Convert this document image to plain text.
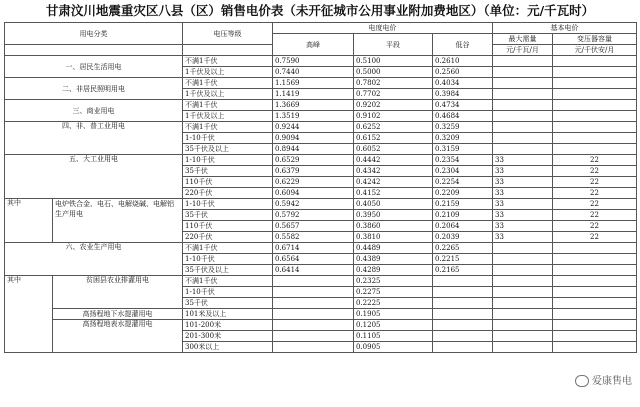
甘肃汶川地震重灾区八县（区）销售电价表（未开征城市公用事业附加费地区）（单位：元/千瓦时）
用电分类		电压等级	电度电价			基本电价	
			高峰	平段	低谷	最大需量	变压器容量
						元/千瓦/月	元/千伏安/月
一、居民生活用电		不满1千伏	0.7590	0.5100	0.2610		
		1千伏及以上	0.7440	0.5000	0.2560		
二、非居民照明用电		不满1千伏	1.1569	0.7802	0.4034		
		1千伏及以上	1.1419	0.7702	0.3984		
三、商业用电		不满1千伏	1.3669	0.9202	0.4734		
		1千伏及以上	1.3519	0.9102	0.4684		
四、非、普工业用电		不满1千伏	0.9244	0.6252	0.3259		
		1-10千伏	0.9094	0.6152	0.3209		
		35千伏及以上	0.8944	0.6052	0.3159		
五、大工业用电		1-10千伏	0.6529	0.4442	0.2354	33	22
		35千伏	0.6379	0.4342	0.2304	33	22
		110千伏	0.6229	0.4242	0.2254	33	22
		220千伏	0.6094	0.4152	0.2209	33	22
其中	电炉铁合金、电石、电解烧碱、电解铝生产用电	1-10千伏	0.5942	0.4050	0.2159	33	22
		35千伏	0.5792	0.3950	0.2109	33	22
		110千伏	0.5657	0.3860	0.2064	33	22
		220千伏	0.5582	0.3810	0.2039	33	22
六、农业生产用电		不满1千伏	0.6714	0.4489	0.2265		
		1-10千伏	0.6564	0.4389	0.2215		
		35千伏及以上	0.6414	0.4289	0.2165		
其中	贫困县农业排灌用电	不满1千伏		0.2325			
		1-10千伏		0.2275			
		35千伏		0.2225			
	高扬程地下水提灌用电	101米及以上		0.1905			
	高扬程地表水提灌用电	101-200米		0.1205			
		201-300米		0.1105			
		300米以上		0.0905			
爱康售电
